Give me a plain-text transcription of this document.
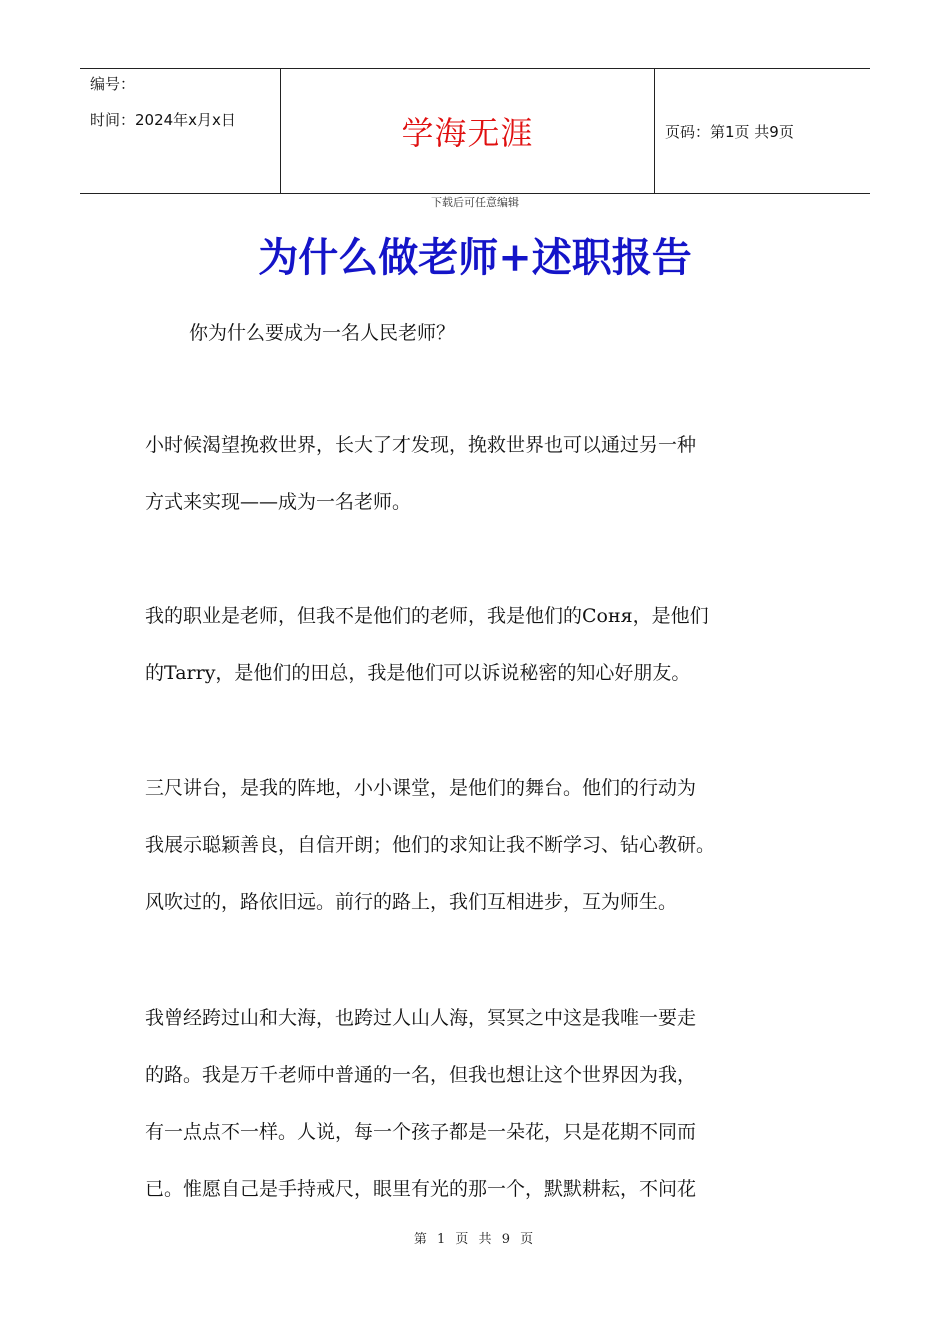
编号：
时间：2024年x月x日	学海无涯	页码：第1页 共9页
下载后可任意编辑
为什么做老师+述职报告
你为什么要成为一名人民老师？
小时候渴望挽救世界，长大了才发现，挽救世界也可以通过另一种
方式来实现——成为一名老师。
我的职业是老师，但我不是他们的老师，我是他们的Соня，是他们
的Tarry，是他们的田总，我是他们可以诉说秘密的知心好朋友。
三尺讲台，是我的阵地，小小课堂，是他们的舞台。他们的行动为
我展示聪颖善良，自信开朗；他们的求知让我不断学习、钻心教研。
风吹过的，路依旧远。前行的路上，我们互相进步，互为师生。
我曾经跨过山和大海，也跨过人山人海，冥冥之中这是我唯一要走
的路。我是万千老师中普通的一名，但我也想让这个世界因为我，
有一点点不一样。人说，每一个孩子都是一朵花，只是花期不同而
已。惟愿自己是手持戒尺，眼里有光的那一个，默默耕耘，不问花
第 1 页 共 9 页
